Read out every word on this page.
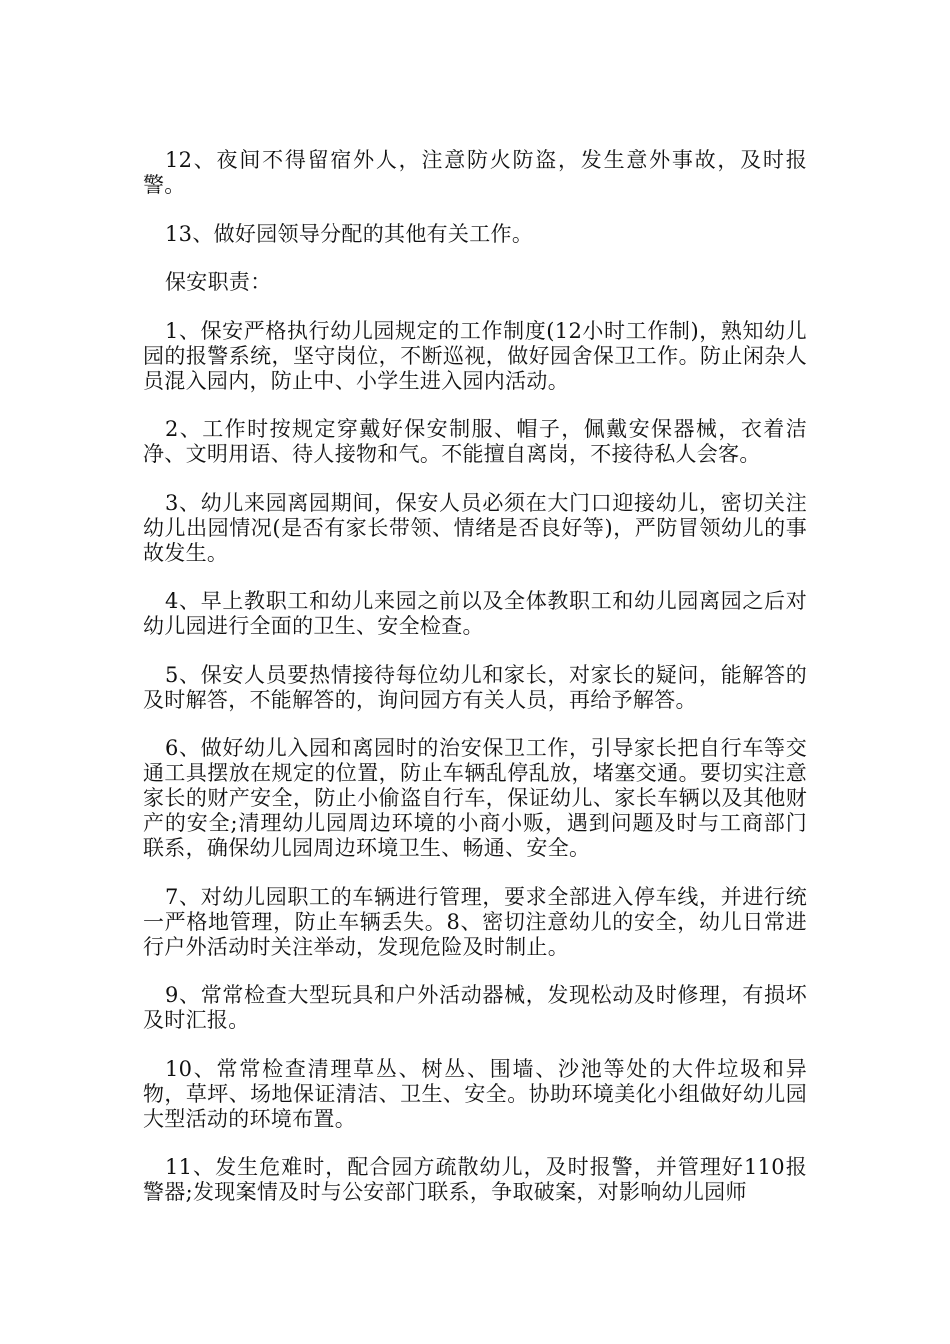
12、夜间不得留宿外人，注意防火防盗，发生意外事故，及时报警。

13、做好园领导分配的其他有关工作。

保安职责：

1、保安严格执行幼儿园规定的工作制度(12小时工作制)，熟知幼儿园的报警系统，坚守岗位，不断巡视，做好园舍保卫工作。防止闲杂人员混入园内，防止中、小学生进入园内活动。

2、工作时按规定穿戴好保安制服、帽子，佩戴安保器械，衣着洁净、文明用语、待人接物和气。不能擅自离岗，不接待私人会客。

3、幼儿来园离园期间，保安人员必须在大门口迎接幼儿，密切关注幼儿出园情况(是否有家长带领、情绪是否良好等)，严防冒领幼儿的事故发生。

4、早上教职工和幼儿来园之前以及全体教职工和幼儿园离园之后对幼儿园进行全面的卫生、安全检查。

5、保安人员要热情接待每位幼儿和家长，对家长的疑问，能解答的及时解答，不能解答的，询问园方有关人员，再给予解答。

6、做好幼儿入园和离园时的治安保卫工作，引导家长把自行车等交通工具摆放在规定的位置，防止车辆乱停乱放，堵塞交通。要切实注意家长的财产安全，防止小偷盗自行车，保证幼儿、家长车辆以及其他财产的安全;清理幼儿园周边环境的小商小贩，遇到问题及时与工商部门联系，确保幼儿园周边环境卫生、畅通、安全。

7、对幼儿园职工的车辆进行管理，要求全部进入停车线，并进行统一严格地管理，防止车辆丢失。8、密切注意幼儿的安全，幼儿日常进行户外活动时关注举动，发现危险及时制止。

9、常常检查大型玩具和户外活动器械，发现松动及时修理，有损坏及时汇报。

10、常常检查清理草丛、树丛、围墙、沙池等处的大件垃圾和异物，草坪、场地保证清洁、卫生、安全。协助环境美化小组做好幼儿园大型活动的环境布置。

11、发生危难时，配合园方疏散幼儿，及时报警，并管理好110报警器;发现案情及时与公安部门联系，争取破案，对影响幼儿园师
